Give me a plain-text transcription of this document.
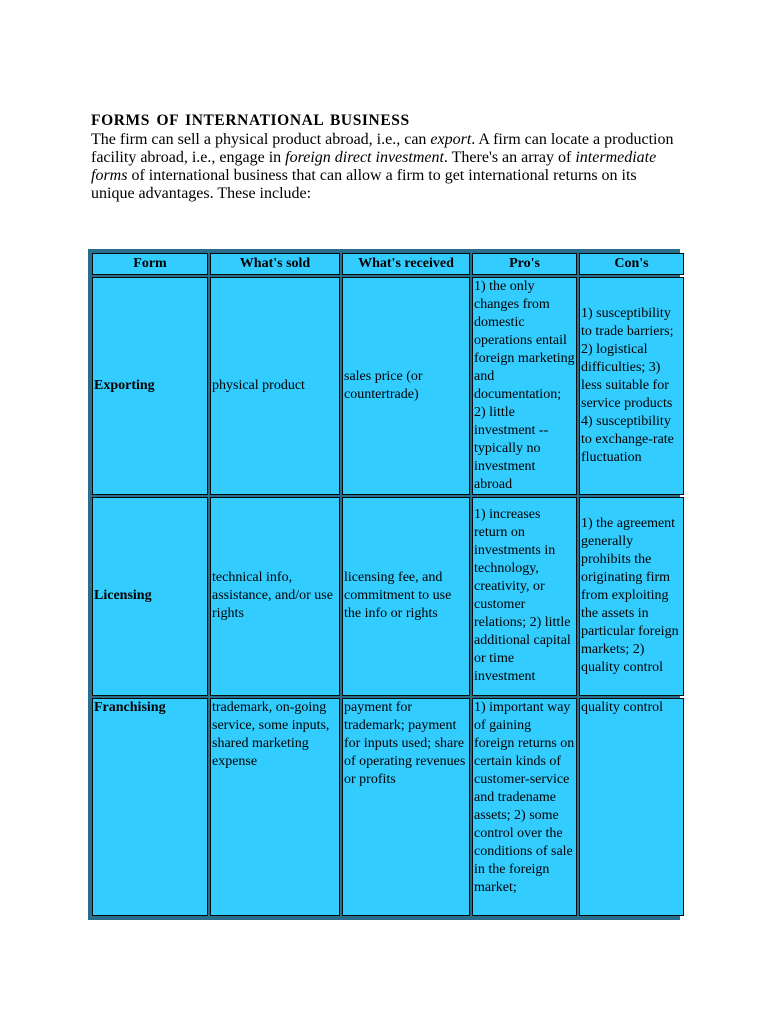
FORMS OF INTERNATIONAL BUSINESS

The firm can sell a physical product abroad, i.e., can export. A firm can locate a production facility abroad, i.e., engage in foreign direct investment. There's an array of intermediate forms of international business that can allow a firm to get international returns on its unique advantages. These include:

Form	What's sold	What's received	Pro's	Con's
Exporting	physical product	sales price (or countertrade)	1) the only changes from domestic operations entail foreign marketing and documentation; 2) little investment -- typically no investment abroad	1) susceptibility to trade barriers; 2) logistical difficulties; 3) less suitable for service products 4) susceptibility to exchange-rate fluctuation
Licensing	technical info, assistance, and/or use rights	licensing fee, and commitment to use the info or rights	1) increases return on investments in technology, creativity, or customer relations; 2) little additional capital or time investment	1) the agreement generally prohibits the originating firm from exploiting the assets in particular foreign markets; 2) quality control
Franchising	trademark, on-going service, some inputs, shared marketing expense	payment for trademark; payment for inputs used; share of operating revenues or profits	1) important way of gaining foreign returns on certain kinds of customer-service and tradename assets; 2) some control over the conditions of sale in the foreign market;	quality control
